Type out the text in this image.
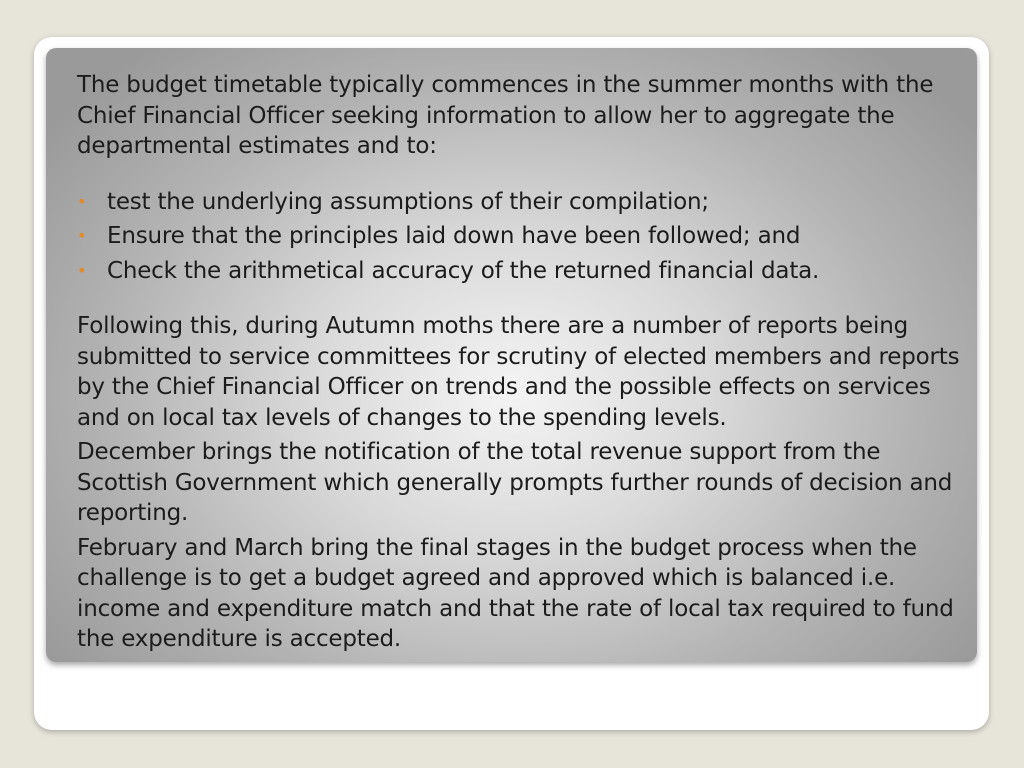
The budget timetable typically commences in the summer months with the Chief Financial Officer seeking information to allow her to aggregate the departmental estimates and to:

• test the underlying assumptions of their compilation;
• Ensure that the principles laid down have been followed; and
• Check the arithmetical accuracy of the returned financial data.

Following this, during Autumn moths there are a number of reports being submitted to service committees for scrutiny of elected members and reports by the Chief Financial Officer on trends and the possible effects on services and on local tax levels of changes to the spending levels.

December brings the notification of the total revenue support from the Scottish Government which generally prompts further rounds of decision and reporting.

February and March bring the final stages in the budget process when the challenge is to get a budget agreed and approved which is balanced i.e. income and expenditure match and that the rate of local tax required to fund the expenditure is accepted.
